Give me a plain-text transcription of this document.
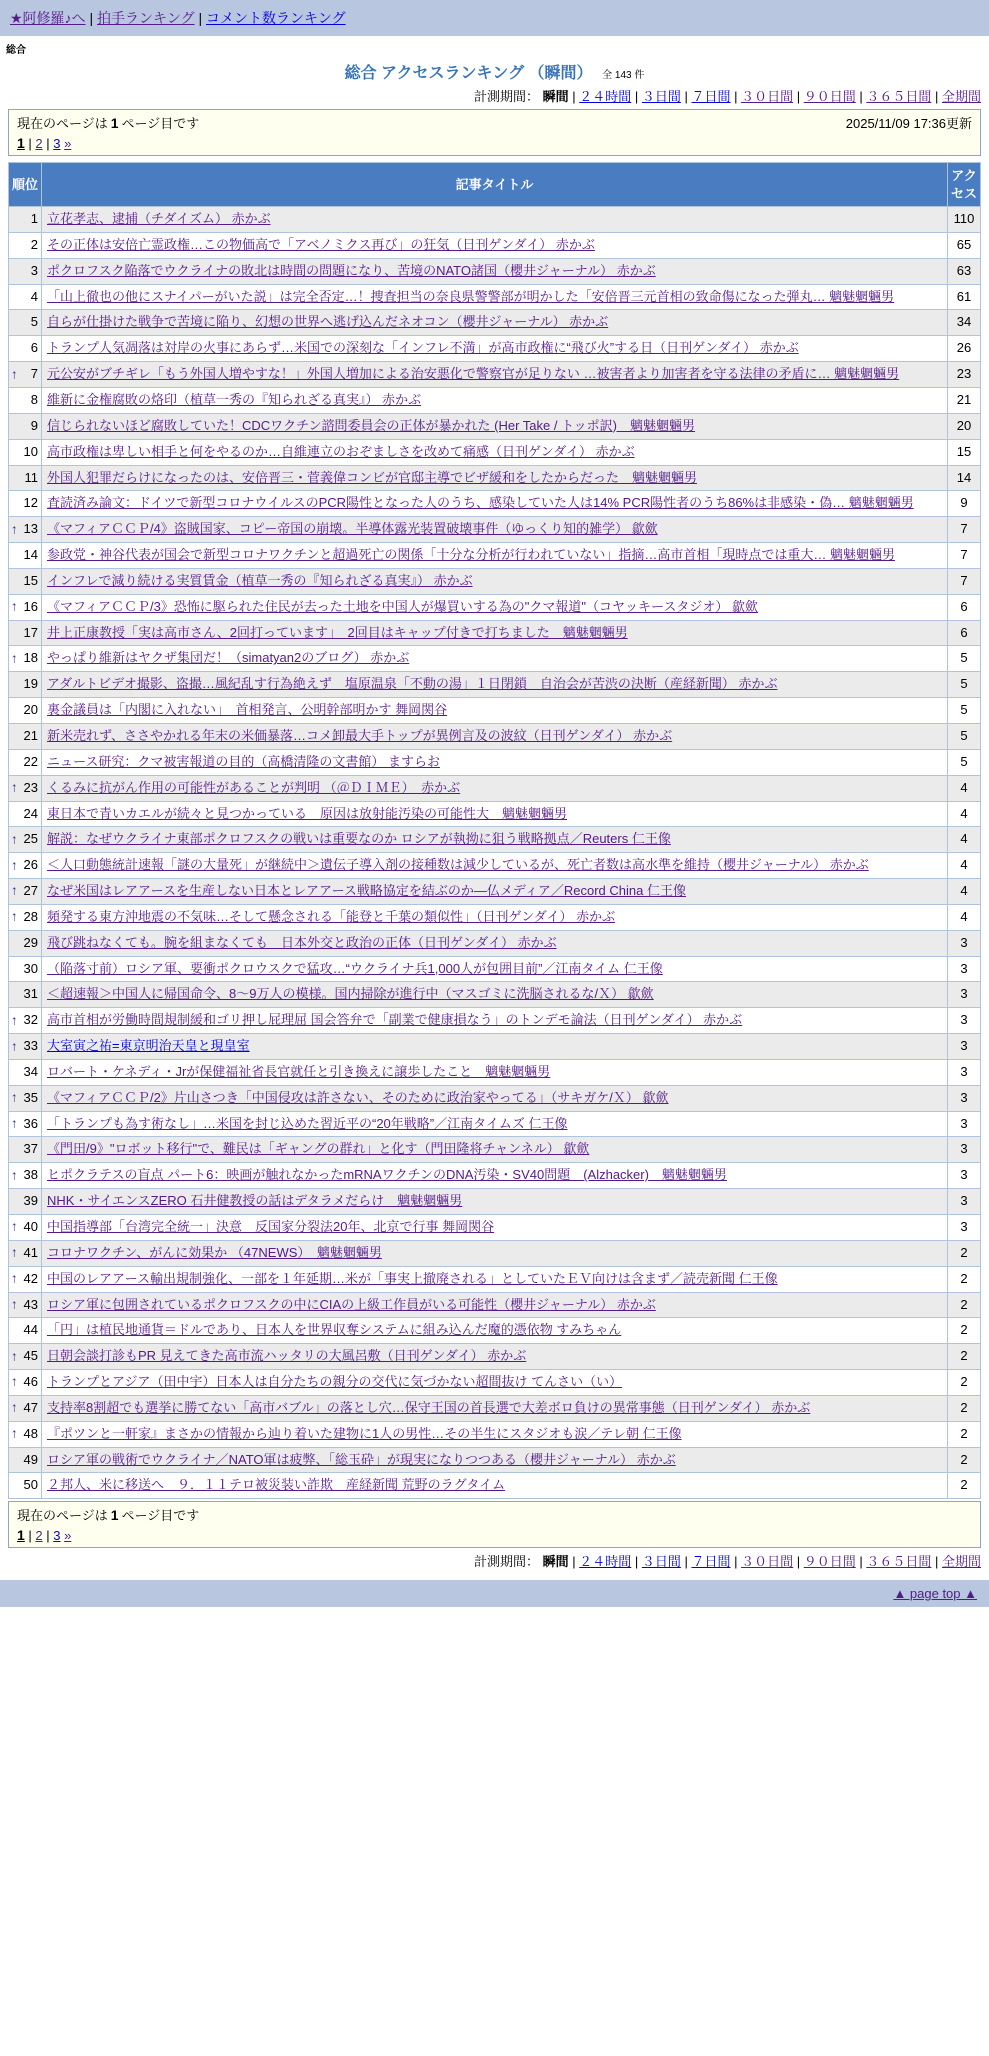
★阿修羅♪へ | 拍手ランキング | コメント数ランキング
総合
総合 アクセスランキング （瞬間） 全 143 件
計測期間： 瞬間 | ２４時間 | ３日間 | ７日間 | ３０日間 | ９０日間 | ３６５日間 | 全期間
現在のページは 1 ページ目です	2025/11/09 17:36更新
1 | 2 | 3 »
順位	記事タイトル	アクセス
1	立花孝志、逮捕（チダイズム） 赤かぶ	110
2	その正体は安倍亡霊政権…この物価高で「アベノミクス再び」の狂気（日刊ゲンダイ） 赤かぶ	65
3	ポクロフスク陥落でウクライナの敗北は時間の問題になり、苦境のNATO諸国（櫻井ジャーナル） 赤かぶ	63
4	「山上徹也の他にスナイパーがいた説」は完全否定…！捜査担当の奈良県警警部が明かした「安倍晋三元首相の致命傷になった弾丸… 魑魅魍魎男	61
5	自らが仕掛けた戦争で苦境に陥り、幻想の世界へ逃げ込んだネオコン（櫻井ジャーナル） 赤かぶ	34
6	トランプ人気凋落は対岸の火事にあらず…米国での深刻な「インフレ不満」が高市政権に“飛び火”する日（日刊ゲンダイ） 赤かぶ	26

↑ 7	元公安がブチギレ「もう外国人増やすな！」外国人増加による治安悪化で警察官が足りない …被害者より加害者を守る法律の矛盾に… 魑魅魍魎男	23
8	維新に金権腐敗の烙印（植草一秀の『知られざる真実』） 赤かぶ	21
9	信じられないほど腐敗していた！CDCワクチン諮問委員会の正体が暴かれた (Her Take / トッポ訳)　魑魅魍魎男	20
10	高市政権は卑しい相手と何をやるのか…自維連立のおぞましさを改めて痛感（日刊ゲンダイ） 赤かぶ	15
11	外国人犯罪だらけになったのは、安倍晋三・菅義偉コンビが官邸主導でビザ緩和をしたからだった　魑魅魍魎男	14
12	査読済み論文：ドイツで新型コロナウイルスのPCR陽性となった人のうち、感染していた人は14% PCR陽性者のうち86%は非感染・偽… 魑魅魍魎男	9

↑ 13	《マフィアＣＣＰ/4》盗賊国家、コピー帝国の崩壊。半導体露光装置破壊事件（ゆっくり知的雑学） 歙歛	7
14	参政党・神谷代表が国会で新型コロナワクチンと超過死亡の関係「十分な分析が行われていない」指摘…高市首相「現時点では重大… 魑魅魍魎男	7
15	インフレで減り続ける実質賃金（植草一秀の『知られざる真実』） 赤かぶ	7

↑ 16	《マフィアＣＣＰ/3》恐怖に駆られた住民が去った土地を中国人が爆買いする為の"クマ報道"（コヤッキースタジオ） 歙歛	6
17	井上正康教授「実は高市さん、2回打っています」　2回目はキャップ付きで打ちました　魑魅魍魎男	6

↑ 18	やっぱり維新はヤクザ集団だ！（simatyan2のブログ） 赤かぶ	5
19	アダルトビデオ撮影、盗撮…風紀乱す行為絶えず　塩原温泉「不動の湯」１日閉鎖　自治会が苦渋の決断（産経新聞） 赤かぶ	5
20	裏金議員は「内閣に入れない」　首相発言、公明幹部明かす 舞岡関谷	5
21	新米売れず、ささやかれる年末の米価暴落…コメ卸最大手トップが異例言及の波紋（日刊ゲンダイ） 赤かぶ	5
22	ニュース研究：クマ被害報道の目的（高橋清隆の文書館） ますらお	5

↑ 23	くるみに抗がん作用の可能性があることが判明 （＠ＤＩＭＥ）　赤かぶ	4
24	東日本で青いカエルが続々と見つかっている　原因は放射能汚染の可能性大　魑魅魍魎男	4

↑ 25	解説：なぜウクライナ東部ポクロフスクの戦いは重要なのか ロシアが執拗に狙う戦略拠点／Reuters 仁王像	4

↑ 26	＜人口動態統計速報「謎の大量死」が継続中＞遺伝子導入剤の接種数は減少しているが、死亡者数は高水準を維持（櫻井ジャーナル） 赤かぶ	4

↑ 27	なぜ米国はレアアースを生産しない日本とレアアース戦略協定を結ぶのか―仏メディア／Record China 仁王像	4

↑ 28	頻発する東方沖地震の不気味…そして懸念される「能登と千葉の類似性」（日刊ゲンダイ） 赤かぶ	4
29	飛び跳ねなくても。腕を組まなくても　日本外交と政治の正体（日刊ゲンダイ） 赤かぶ	3
30	（陥落寸前）ロシア軍、要衝ポクロウスクで猛攻…“ウクライナ兵1,000人が包囲目前”／江南タイム 仁王像	3
31	＜超速報＞中国人に帰国命令、8～9万人の模様。国内掃除が進行中（マスゴミに洗脳されるな/Ｘ） 歙歛	3

↑ 32	高市首相が労働時間規制緩和ゴリ押し屁理屈 国会答弁で「副業で健康損なう」のトンデモ論法（日刊ゲンダイ） 赤かぶ	3

↑ 33	大室寅之祐=東京明治天皇と現皇室	3
34	ロバート・ケネディ・Jrが保健福祉省長官就任と引き換えに譲歩したこと　魑魅魍魎男	3

↑ 35	《マフィアＣＣＰ/2》片山さつき「中国侵攻は許さない、そのために政治家やってる」（サキガケ/Ｘ） 歙歛	3

↑ 36	「トランプも為す術なし」…米国を封じ込めた習近平の“20年戦略”／江南タイムズ 仁王像	3
37	《門田/9》"ロボット移行"で、難民は「ギャングの群れ」と化す（門田隆将チャンネル） 歙歛	3

↑ 38	ヒポクラテスの盲点 パート6：映画が触れなかったmRNAワクチンのDNA汚染・SV40問題　(Alzhacker)　魑魅魍魎男	3
39	NHK・サイエンスZERO 石井健教授の話はデタラメだらけ　魑魅魍魎男	3

↑ 40	中国指導部「台湾完全統一」決意　反国家分裂法20年、北京で行事 舞岡関谷	3

↑ 41	コロナワクチン、がんに効果か （47NEWS）　魑魅魍魎男	2

↑ 42	中国のレアアース輸出規制強化、一部を１年延期…米が「事実上撤廃される」としていたＥＶ向けは含まず／読売新聞 仁王像	2

↑ 43	ロシア軍に包囲されているポクロフスクの中にCIAの上級工作員がいる可能性（櫻井ジャーナル） 赤かぶ	2
44	「円」は植民地通貨＝ドルであり、日本人を世界収奪システムに組み込んだ魔的憑依物 すみちゃん	2

↑ 45	日朝会談打診もPR 見えてきた高市流ハッタリの大風呂敷（日刊ゲンダイ） 赤かぶ	2

↑ 46	トランプとアジア（田中宇）日本人は自分たちの親分の交代に気づかない超間抜け てんさい（い）	2

↑ 47	支持率8割超でも選挙に勝てない「高市バブル」の落とし穴…保守王国の首長選で大差ボロ負けの異常事態（日刊ゲンダイ） 赤かぶ	2

↑ 48	『ポツンと一軒家』まさかの情報から辿り着いた建物に1人の男性…その半生にスタジオも涙／テレ朝 仁王像	2
49	ロシア軍の戦術でウクライナ／NATO軍は疲弊、「総玉砕」が現実になりつつある（櫻井ジャーナル） 赤かぶ	2
50	２邦人、米に移送へ　９．１１テロ被災装い詐欺　産経新聞 荒野のラグタイム	2
現在のページは 1 ページ目です
1 | 2 | 3 »
計測期間： 瞬間 | ２４時間 | ３日間 | ７日間 | ３０日間 | ９０日間 | ３６５日間 | 全期間
▲ page top ▲
